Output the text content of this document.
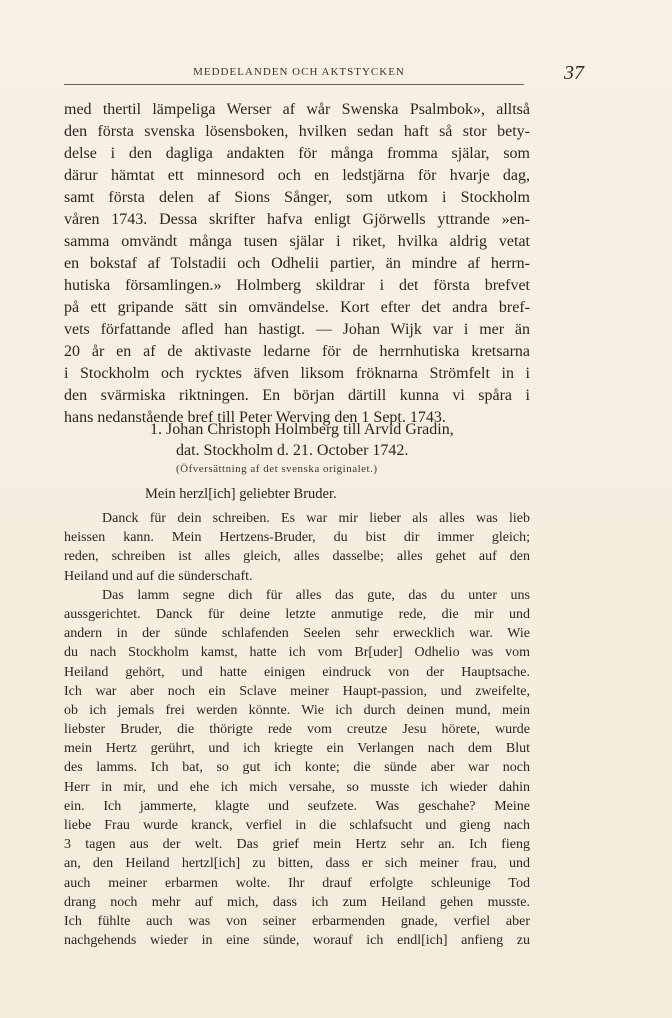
MEDDELANDEN OCH AKTSTYCKEN	37
med thertil lämpeliga Werser af wår Swenska Psalmbok», alltså
den första svenska lösensboken, hvilken sedan haft så stor bety-
delse i den dagliga andakten för många fromma själar, som
därur hämtat ett minnesord och en ledstjärna för hvarje dag,
samt första delen af Sions Sånger, som utkom i Stockholm
våren 1743. Dessa skrifter hafva enligt Gjörwells yttrande »en-
samma omvändt många tusen själar i riket, hvilka aldrig vetat
en bokstaf af Tolstadii och Odhelii partier, än mindre af herrn-
hutiska församlingen.» Holmberg skildrar i det första brefvet
på ett gripande sätt sin omvändelse. Kort efter det andra bref-
vets författande afled han hastigt. — Johan Wijk var i mer än
20 år en af de aktivaste ledarne för de herrnhutiska kretsarna
i Stockholm och rycktes äfven liksom fröknarna Strömfelt in i
den svärmiska riktningen. En början därtill kunna vi spåra i
hans nedanstående bref till Peter Werving den 1 Sept. 1743.
1. Johan Christoph Holmberg till Arvid Gradin,
dat. Stockholm d. 21. October 1742.
(Öfversättning af det svenska originalet.)
Mein herzl[ich] geliebter Bruder.
Danck für dein schreiben. Es war mir lieber als alles was lieb
heissen kann. Mein Hertzens-Bruder, du bist dir immer gleich;
reden, schreiben ist alles gleich, alles dasselbe; alles gehet auf den
Heiland und auf die sünderschaft.
Das lamm segne dich für alles das gute, das du unter uns
aussgerichtet. Danck für deine letzte anmutige rede, die mir und
andern in der sünde schlafenden Seelen sehr erwecklich war. Wie
du nach Stockholm kamst, hatte ich vom Br[uder] Odhelio was vom
Heiland gehört, und hatte einigen eindruck von der Hauptsache.
Ich war aber noch ein Sclave meiner Haupt-passion, und zweifelte,
ob ich jemals frei werden könnte. Wie ich durch deinen mund, mein
liebster Bruder, die thörigte rede vom creutze Jesu hörete, wurde
mein Hertz gerührt, und ich kriegte ein Verlangen nach dem Blut
des lamms. Ich bat, so gut ich konte; die sünde aber war noch
Herr in mir, und ehe ich mich versahe, so musste ich wieder dahin
ein. Ich jammerte, klagte und seufzete. Was geschahe? Meine
liebe Frau wurde kranck, verfiel in die schlafsucht und gieng nach
3 tagen aus der welt. Das grief mein Hertz sehr an. Ich fieng
an, den Heiland hertzl[ich] zu bitten, dass er sich meiner frau, und
auch meiner erbarmen wolte. Ihr drauf erfolgte schleunige Tod
drang noch mehr auf mich, dass ich zum Heiland gehen musste.
Ich fühlte auch was von seiner erbarmenden gnade, verfiel aber
nachgehends wieder in eine sünde, worauf ich endl[ich] anfieng zu
